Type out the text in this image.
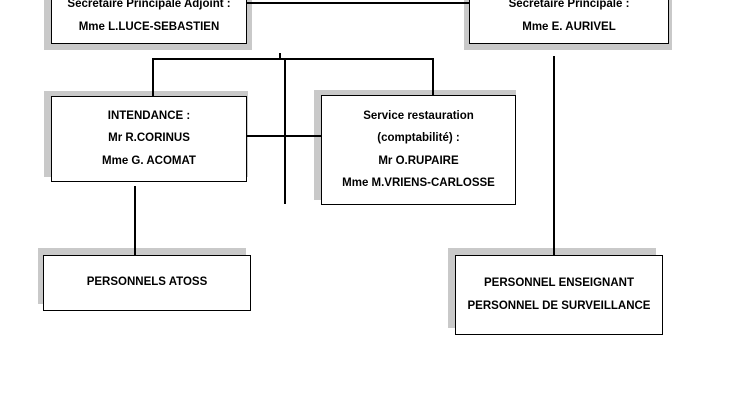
Secrétaire Principale Adjoint :
Mme L.LUCE-SEBASTIEN
Secrétaire Principale :
Mme E. AURIVEL
INTENDANCE :
Mr R.CORINUS
Mme G. ACOMAT
Service restauration
(comptabilité) :
Mr O.RUPAIRE
Mme M.VRIENS-CARLOSSE
PERSONNELS ATOSS	PERSONNEL ENSEIGNANT
PERSONNEL DE SURVEILLANCE
